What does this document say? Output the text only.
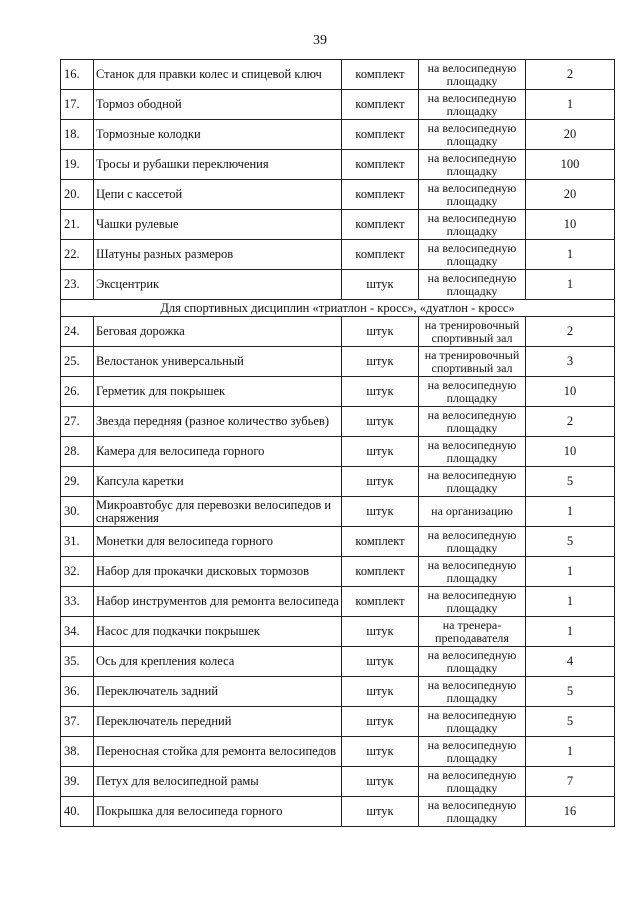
39
16.	Станок для правки колес и спицевой ключ	комплект	на велосипедную площадку	2
17.	Тормоз ободной	комплект	на велосипедную площадку	1
18.	Тормозные колодки	комплект	на велосипедную площадку	20
19.	Тросы и рубашки переключения	комплект	на велосипедную площадку	100
20.	Цепи с кассетой	комплект	на велосипедную площадку	20
21.	Чашки рулевые	комплект	на велосипедную площадку	10
22.	Шатуны разных размеров	комплект	на велосипедную площадку	1
23.	Эксцентрик	штук	на велосипедную площадку	1
Для спортивных дисциплин «триатлон - кросс», «дуатлон - кросс»				
24.	Беговая дорожка	штук	на тренировочный спортивный зал	2
25.	Велостанок универсальный	штук	на тренировочный спортивный зал	3
26.	Герметик для покрышек	штук	на велосипедную площадку	10
27.	Звезда передняя (разное количество зубьев)	штук	на велосипедную площадку	2
28.	Камера для велосипеда горного	штук	на велосипедную площадку	10
29.	Капсула каретки	штук	на велосипедную площадку	5
30.	Микроавтобус для перевозки велосипедов и снаряжения	штук	на организацию	1
31.	Монетки для велосипеда горного	комплект	на велосипедную площадку	5
32.	Набор для прокачки дисковых тормозов	комплект	на велосипедную площадку	1
33.	Набор инструментов для ремонта велосипеда	комплект	на велосипедную площадку	1
34.	Насос для подкачки покрышек	штук	на тренера-преподавателя	1
35.	Ось для крепления колеса	штук	на велосипедную площадку	4
36.	Переключатель задний	штук	на велосипедную площадку	5
37.	Переключатель передний	штук	на велосипедную площадку	5
38.	Переносная стойка для ремонта велосипедов	штук	на велосипедную площадку	1
39.	Петух для велосипедной рамы	штук	на велосипедную площадку	7
40.	Покрышка для велосипеда горного	штук	на велосипедную площадку	16
